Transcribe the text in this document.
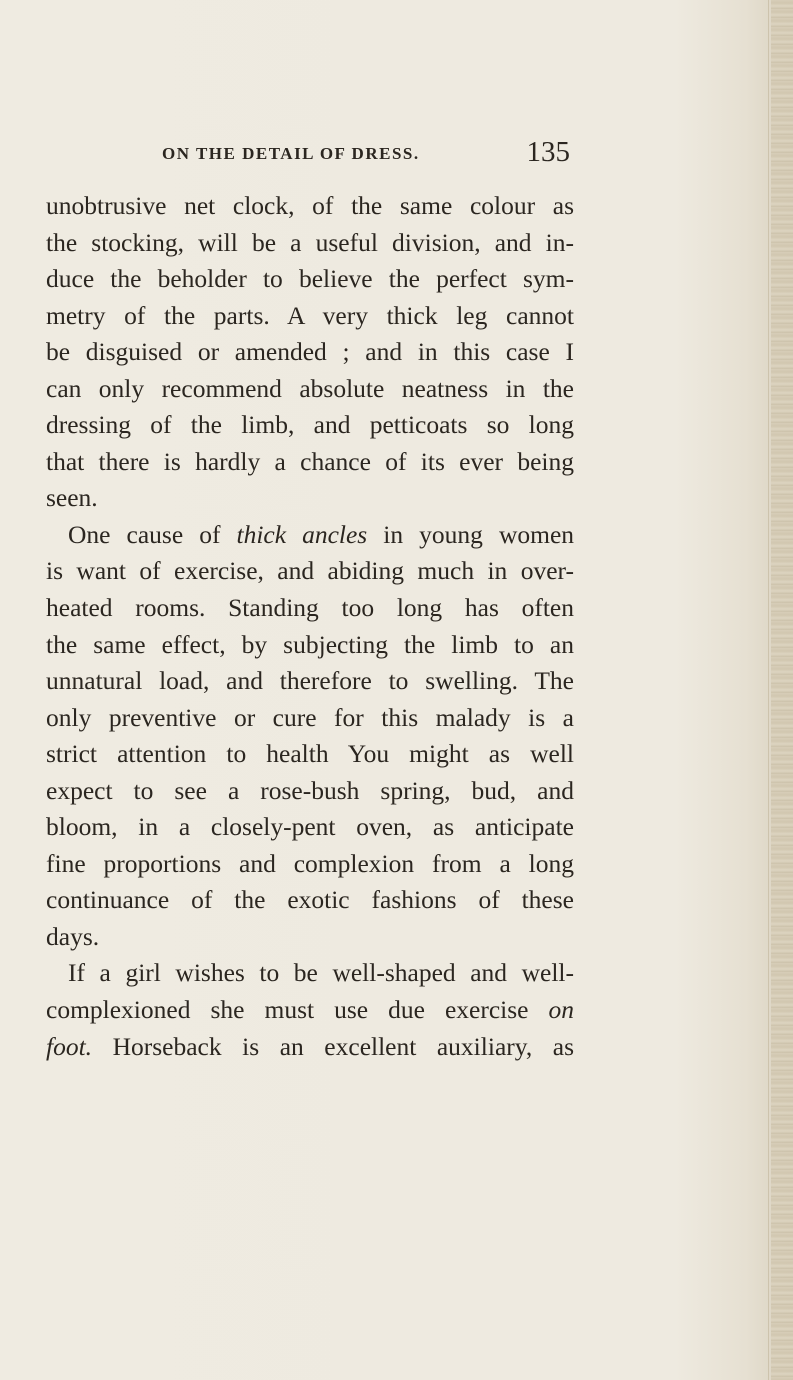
ON THE DETAIL OF DRESS.	135
unobtrusive net clock, of the same colour as
the stocking, will be a useful division, and in-
duce the beholder to believe the perfect sym-
metry of the parts. A very thick leg cannot
be disguised or amended ; and in this case I
can only recommend absolute neatness in the
dressing of the limb, and petticoats so long
that there is hardly a chance of its ever being
seen.
One cause of thick ancles in young women
is want of exercise, and abiding much in over-
heated rooms. Standing too long has often
the same effect, by subjecting the limb to an
unnatural load, and therefore to swelling. The
only preventive or cure for this malady is a
strict attention to health You might as well
expect to see a rose-bush spring, bud, and
bloom, in a closely-pent oven, as anticipate
fine proportions and complexion from a long
continuance of the exotic fashions of these
days.
If a girl wishes to be well-shaped and well-
complexioned she must use due exercise on
foot. Horseback is an excellent auxiliary, as
